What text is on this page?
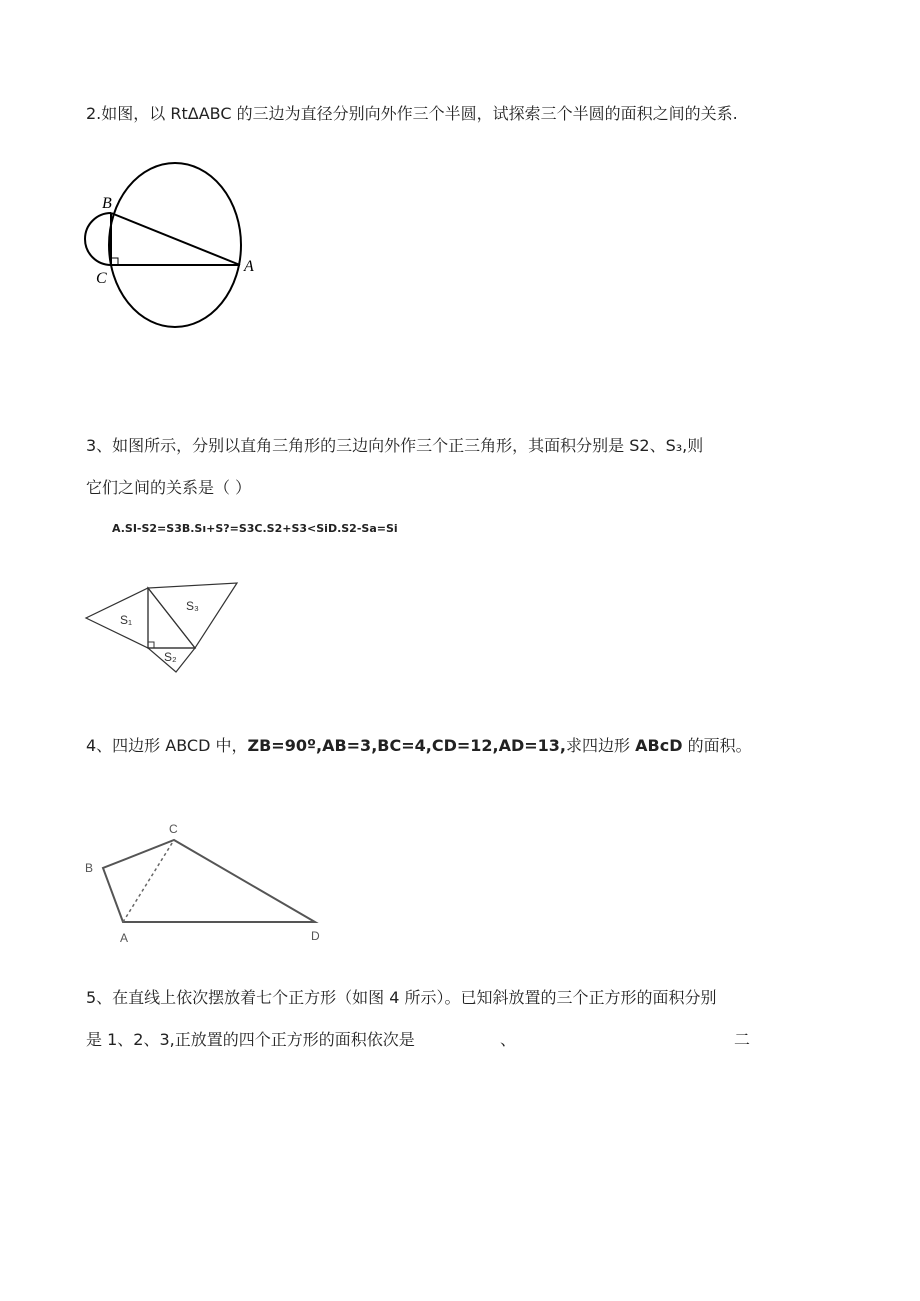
2.如图，以 RtΔABC 的三边为直径分别向外作三个半圆，试探索三个半圆的面积之间的关系.
B
C
A
3、如图所示，分别以直角三角形的三边向外作三个正三角形，其面积分别是 S2、S₃,则
它们之间的关系是（ ）
A.SI-S2=S3B.Sı+S?=S3C.S2+S3<SiD.S2-Sa=Si
S₁
S₂
S₃
4、四边形 ABCD 中，ZB=90º,AB=3,BC=4,CD=12,AD=13,求四边形 ABcD 的面积。
A
B
C
D
5、在直线上依次摆放着七个正方形（如图 4 所示）。已知斜放置的三个正方形的面积分别
是 1、2、3,正放置的四个正方形的面积依次是	、	二
